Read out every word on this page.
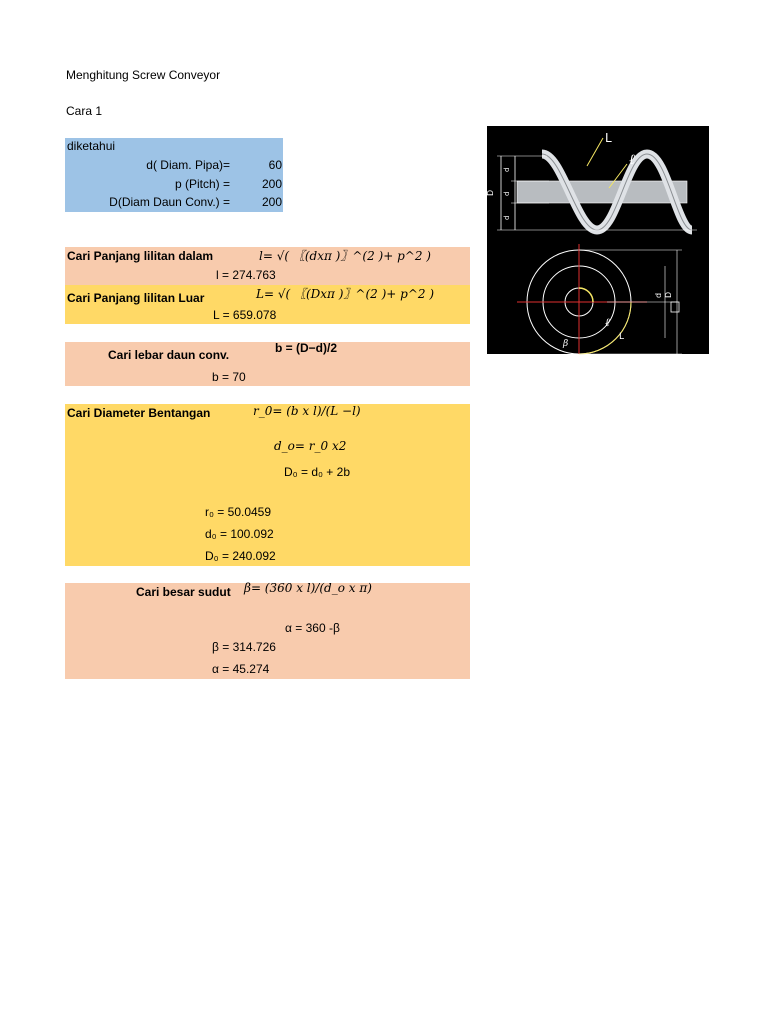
Menghitung Screw Conveyor
Cara 1
diketahui
d( Diam. Pipa)=	60
p (Pitch) =	200
D(Diam Daun Conv.) =	200
Cari Panjang lilitan dalam	l= √( 〖(dxπ )〗^(2 )+ p^2 )
l = 274.763
Cari Panjang lilitan Luar	L= √( 〖(Dxπ )〗^(2 )+ p^2 )
L = 659.078
Cari lebar daun conv.	b = (D−d)/2
b = 70
Cari Diameter Bentangan	r_0= (b x l)/(L −l)
d_o= r_0 x2
D₀ = d₀ + 2b
r₀ = 50.0459
d₀ = 100.092
D₀ = 240.092
Cari besar sudut β= (360 x l)/(d_o x π)
α = 360 -β
β = 314.726
α = 45.274
L
ℓ
D
d
d
d
d D
β
L
ℓ
